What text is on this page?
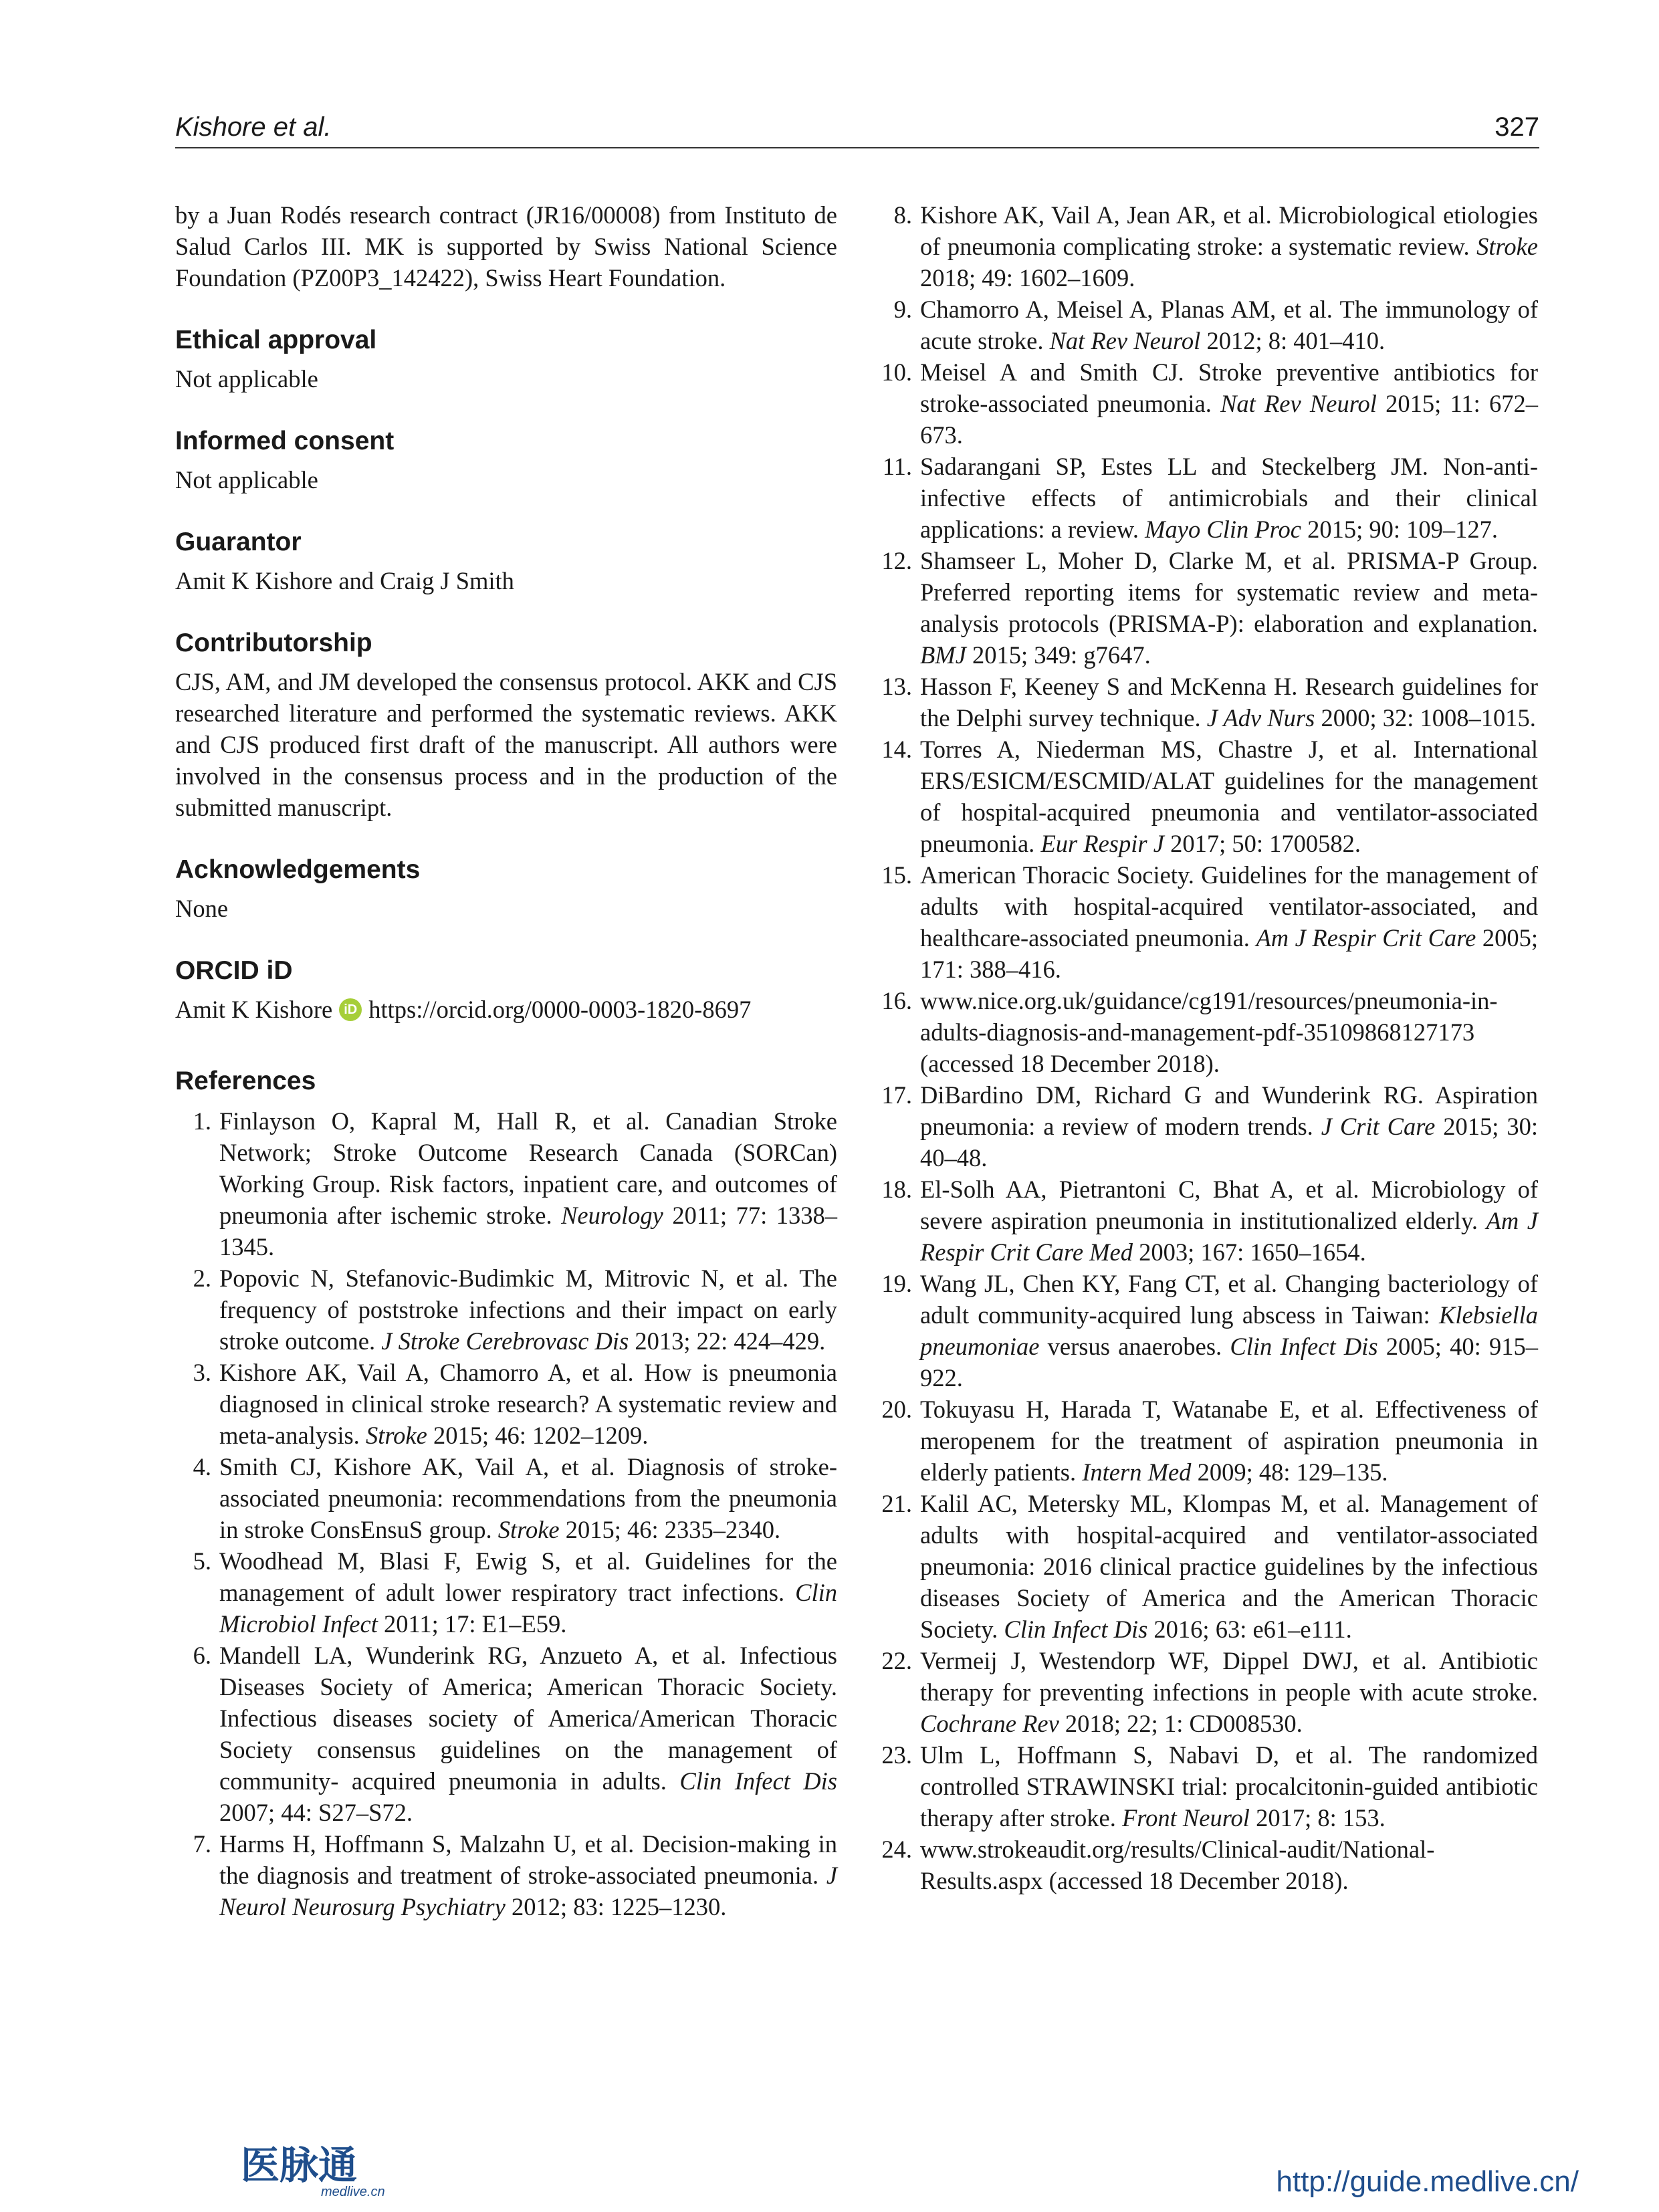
Kishore et al.	327

by a Juan Rodés research contract (JR16/00008) from Instituto de Salud Carlos III. MK is supported by Swiss National Science Foundation (PZ00P3_142422), Swiss Heart Foundation.

Ethical approval

Not applicable

Informed consent

Not applicable

Guarantor

Amit K Kishore and Craig J Smith

Contributorship

CJS, AM, and JM developed the consensus protocol. AKK and CJS researched literature and performed the systematic reviews. AKK and CJS produced first draft of the manuscript. All authors were involved in the consensus process and in the production of the submitted manuscript.

Acknowledgements

None

ORCID iD
Amit K Kishore iD https://orcid.org/0000-0003-1820-8697
References
1. Finlayson O, Kapral M, Hall R, et al. Canadian Stroke Network; Stroke Outcome Research Canada (SORCan) Working Group. Risk factors, inpatient care, and outcomes of pneumonia after ischemic stroke. Neurology 2011; 77: 1338–1345.
2. Popovic N, Stefanovic-Budimkic M, Mitrovic N, et al. The frequency of poststroke infections and their impact on early stroke outcome. J Stroke Cerebrovasc Dis 2013; 22: 424–429.
3. Kishore AK, Vail A, Chamorro A, et al. How is pneumonia diagnosed in clinical stroke research? A systematic review and meta-analysis. Stroke 2015; 46: 1202–1209.
4. Smith CJ, Kishore AK, Vail A, et al. Diagnosis of stroke-associated pneumonia: recommendations from the pneumonia in stroke ConsEnsuS group. Stroke 2015; 46: 2335–2340.
5. Woodhead M, Blasi F, Ewig S, et al. Guidelines for the management of adult lower respiratory tract infections. Clin Microbiol Infect 2011; 17: E1–E59.
6. Mandell LA, Wunderink RG, Anzueto A, et al. Infectious Diseases Society of America; American Thoracic Society. Infectious diseases society of America/American Thoracic Society consensus guidelines on the management of community- acquired pneumonia in adults. Clin Infect Dis 2007; 44: S27–S72.
7. Harms H, Hoffmann S, Malzahn U, et al. Decision-making in the diagnosis and treatment of stroke-associated pneumonia. J Neurol Neurosurg Psychiatry 2012; 83: 1225–1230.
8. Kishore AK, Vail A, Jean AR, et al. Microbiological etiologies of pneumonia complicating stroke: a systematic review. Stroke 2018; 49: 1602–1609.
9. Chamorro A, Meisel A, Planas AM, et al. The immunology of acute stroke. Nat Rev Neurol 2012; 8: 401–410.
10. Meisel A and Smith CJ. Stroke preventive antibiotics for stroke-associated pneumonia. Nat Rev Neurol 2015; 11: 672–673.
11. Sadarangani SP, Estes LL and Steckelberg JM. Non-anti-infective effects of antimicrobials and their clinical applications: a review. Mayo Clin Proc 2015; 90: 109–127.
12. Shamseer L, Moher D, Clarke M, et al. PRISMA-P Group. Preferred reporting items for systematic review and meta-analysis protocols (PRISMA-P): elaboration and explanation. BMJ 2015; 349: g7647.
13. Hasson F, Keeney S and McKenna H. Research guidelines for the Delphi survey technique. J Adv Nurs 2000; 32: 1008–1015.
14. Torres A, Niederman MS, Chastre J, et al. International ERS/ESICM/ESCMID/ALAT guidelines for the management of hospital-acquired pneumonia and ventilator-associated pneumonia. Eur Respir J 2017; 50: 1700582.
15. American Thoracic Society. Guidelines for the management of adults with hospital-acquired ventilator-associated, and healthcare-associated pneumonia. Am J Respir Crit Care 2005; 171: 388–416.
16. www.nice.org.uk/guidance/cg191/resources/pneumonia-in-adults-diagnosis-and-management-pdf-35109868127173 (accessed 18 December 2018).
17. DiBardino DM, Richard G and Wunderink RG. Aspiration pneumonia: a review of modern trends. J Crit Care 2015; 30: 40–48.
18. El-Solh AA, Pietrantoni C, Bhat A, et al. Microbiology of severe aspiration pneumonia in institutionalized elderly. Am J Respir Crit Care Med 2003; 167: 1650–1654.
19. Wang JL, Chen KY, Fang CT, et al. Changing bacteriology of adult community-acquired lung abscess in Taiwan: Klebsiella pneumoniae versus anaerobes. Clin Infect Dis 2005; 40: 915–922.
20. Tokuyasu H, Harada T, Watanabe E, et al. Effectiveness of meropenem for the treatment of aspiration pneumonia in elderly patients. Intern Med 2009; 48: 129–135.
21. Kalil AC, Metersky ML, Klompas M, et al. Management of adults with hospital-acquired and ventilator-associated pneumonia: 2016 clinical practice guidelines by the infectious diseases Society of America and the American Thoracic Society. Clin Infect Dis 2016; 63: e61–e111.
22. Vermeij J, Westendorp WF, Dippel DWJ, et al. Antibiotic therapy for preventing infections in people with acute stroke. Cochrane Rev 2018; 22; 1: CD008530.
23. Ulm L, Hoffmann S, Nabavi D, et al. The randomized controlled STRAWINSKI trial: procalcitonin-guided antibiotic therapy after stroke. Front Neurol 2017; 8: 153.
24. www.strokeaudit.org/results/Clinical-audit/National-Results.aspx (accessed 18 December 2018).
医脉通
medlive.cn	http://guide.medlive.cn/
